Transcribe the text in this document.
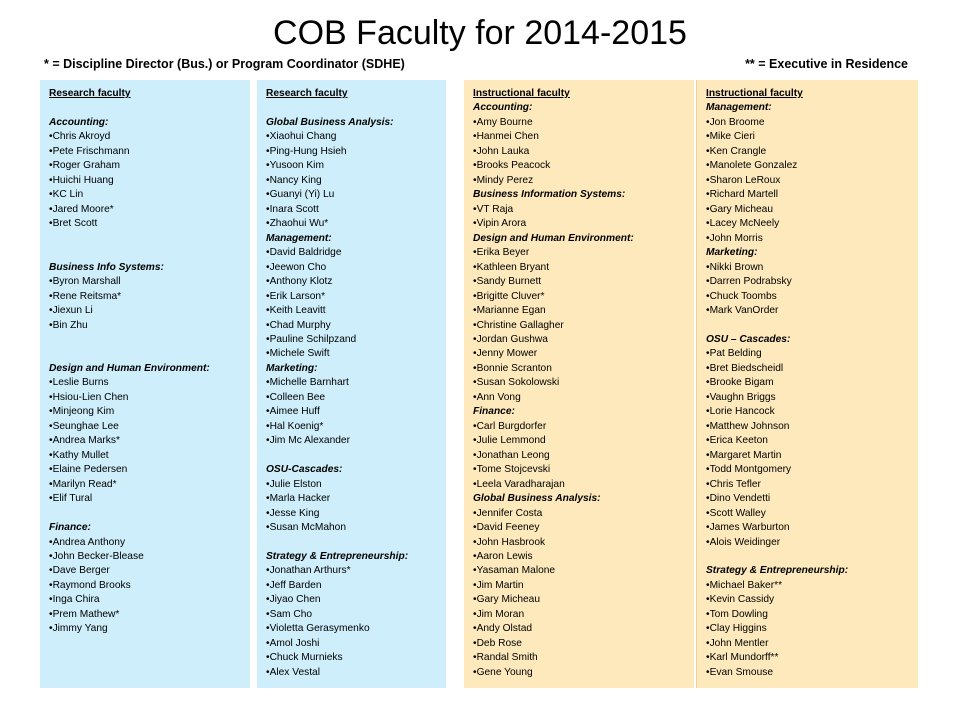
COB Faculty for 2014-2015
* = Discipline Director (Bus.) or Program Coordinator (SDHE)	** = Executive in Residence
Research faculty
Accounting:
•Chris Akroyd
•Pete Frischmann
•Roger Graham
•Huichi Huang
•KC Lin
•Jared Moore*
•Bret Scott
Business Info Systems:
•Byron Marshall
•Rene Reitsma*
•Jiexun Li
•Bin Zhu
Design and Human Environment:
•Leslie Burns
•Hsiou-Lien Chen
•Minjeong Kim
•Seunghae Lee
•Andrea Marks*
•Kathy Mullet
•Elaine Pedersen
•Marilyn Read*
•Elif Tural
Finance:
•Andrea Anthony
•John Becker-Blease
•Dave Berger
•Raymond Brooks
•Inga Chira
•Prem Mathew*
•Jimmy Yang
Research faculty
Global Business Analysis:
•Xiaohui Chang
•Ping-Hung Hsieh
•Yusoon Kim
•Nancy King
•Guanyi (Yi) Lu
•Inara Scott
•Zhaohui Wu*
Management:
•David Baldridge
•Jeewon Cho
•Anthony Klotz
•Erik Larson*
•Keith Leavitt
•Chad Murphy
•Pauline Schilpzand
•Michele Swift
Marketing:
•Michelle Barnhart
•Colleen Bee
•Aimee Huff
•Hal Koenig*
•Jim Mc Alexander
OSU-Cascades:
•Julie Elston
•Marla Hacker
•Jesse King
•Susan McMahon
Strategy & Entrepreneurship:
•Jonathan Arthurs*
•Jeff Barden
•Jiyao Chen
•Sam Cho
•Violetta Gerasymenko
•Amol Joshi
•Chuck Murnieks
•Alex Vestal
Instructional faculty
Accounting:
•Amy Bourne
•Hanmei Chen
•John Lauka
•Brooks Peacock
•Mindy Perez
Business Information Systems:
•VT Raja
•Vipin Arora
Design and Human Environment:
•Erika Beyer
•Kathleen Bryant
•Sandy Burnett
•Brigitte Cluver*
•Marianne Egan
•Christine Gallagher
•Jordan Gushwa
•Jenny Mower
•Bonnie Scranton
•Susan Sokolowski
•Ann Vong
Finance:
•Carl Burgdorfer
•Julie Lemmond
•Jonathan Leong
•Tome Stojcevski
•Leela Varadharajan
Global Business Analysis:
•Jennifer Costa
•David Feeney
•John Hasbrook
•Aaron Lewis
•Yasaman Malone
•Jim Martin
•Gary Micheau
•Jim Moran
•Andy Olstad
•Deb Rose
•Randal Smith
•Gene Young
Instructional faculty
Management:
•Jon Broome
•Mike Cieri
•Ken Crangle
•Manolete Gonzalez
•Sharon LeRoux
•Richard Martell
•Gary Micheau
•Lacey McNeely
•John Morris
Marketing:
•Nikki Brown
•Darren Podrabsky
•Chuck Toombs
•Mark VanOrder
OSU – Cascades:
•Pat Belding
•Bret Biedscheidl
•Brooke Bigam
•Vaughn Briggs
•Lorie Hancock
•Matthew Johnson
•Erica Keeton
•Margaret Martin
•Todd Montgomery
•Chris Tefler
•Dino Vendetti
•Scott Walley
•James Warburton
•Alois Weidinger
Strategy & Entrepreneurship:
•Michael Baker**
•Kevin Cassidy
•Tom Dowling
•Clay Higgins
•John Mentler
•Karl Mundorff**
•Evan Smouse
